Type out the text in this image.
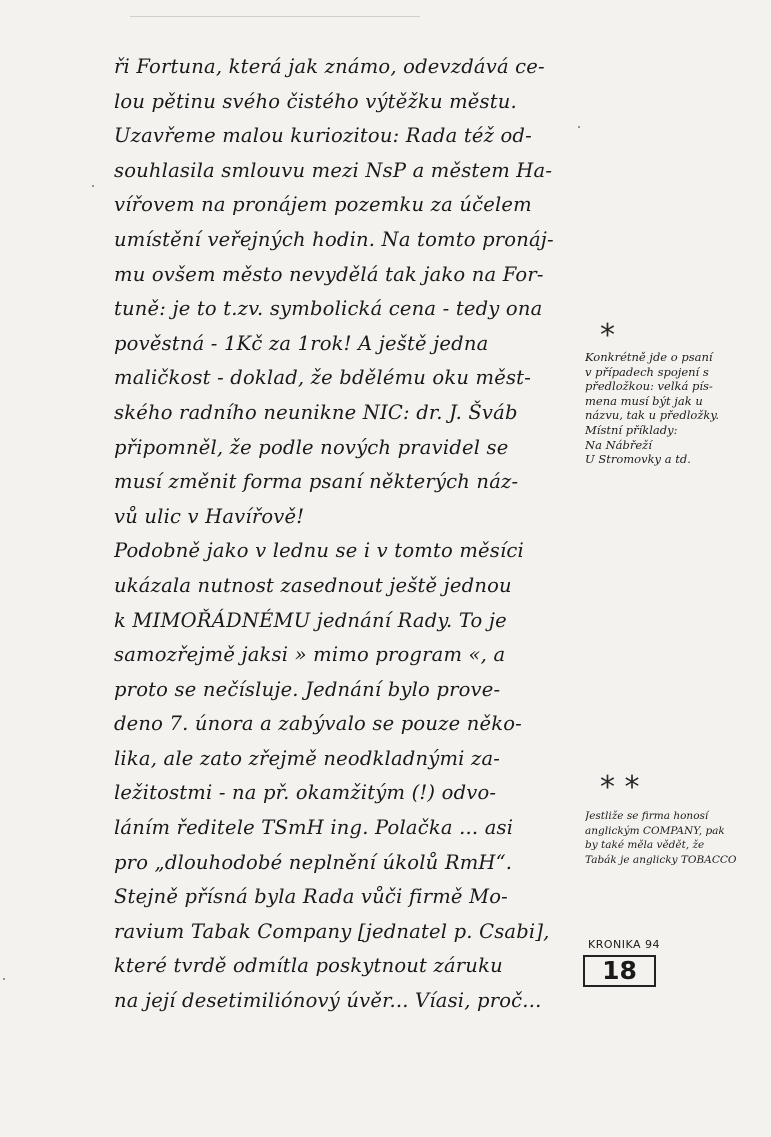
ři Fortuna, která jak známo, odevzdává ce-
lou pětinu svého čistého výtěžku městu.
Uzavřeme malou kuriozitou: Rada též od-
souhlasila smlouvu mezi NsP a městem Ha-
vířovem na pronájem pozemku za účelem
umístění veřejných hodin. Na tomto pronáj-
mu ovšem město nevydělá tak jako na For-
tuně: je to t.zv. symbolická cena - tedy ona
pověstná - 1Kč za 1rok! A ještě jedna
maličkost - doklad, že bdělému oku měst-
ského radního neunikne NIC: dr. J. Šváb
připomněl, že podle nových pravidel se
musí změnit forma psaní některých náz-
vů ulic v Havířově!
Podobně jako v lednu se i v tomto měsíci
ukázala nutnost zasednout ještě jednou
k MIMOŘÁDNÉMU jednání Rady. To je
samozřejmě jaksi » mimo program «, a
proto se nečísluje. Jednání bylo prove-
deno 7. února a zabývalo se pouze něko-
lika, ale zato zřejmě neodkladnými za-
ležitostmi - na př. okamžitým (!) odvo-
láním ředitele TSmH ing. Polačka ... asi
pro „dlouhodobé neplnění úkolů RmH“.
Stejně přísná byla Rada vůči firmě Mo-
ravium Tabak Company [jednatel p. Csabi],
které tvrdě odmítla poskytnout záruku
na její desetimiliónový úvěr... Víasi, proč...
*
Konkrétně jde o psaní
v případech spojení s
předložkou: velká pís-
mena musí být jak u
názvu, tak u předložky.
Místní příklady:
Na Nábřeží
U Stromovky a td.
* *
Jestliže se firma honosí
anglickým COMPANY, pak
by také měla vědět, že
Tabák je anglicky TOBACCO
KRONIKA 94
18
